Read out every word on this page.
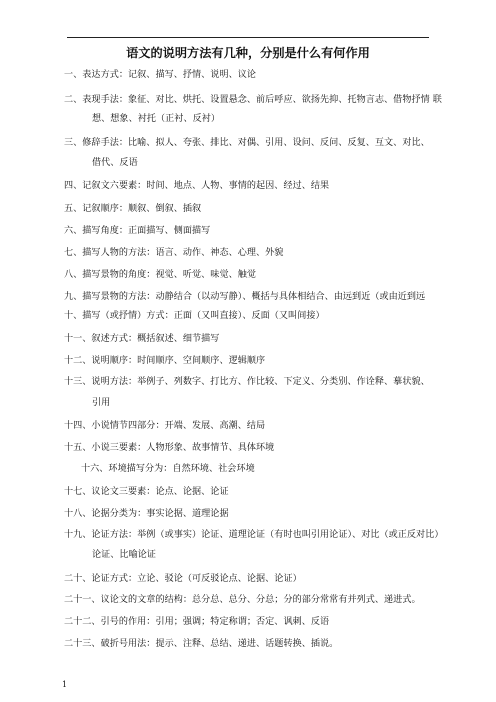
语文的说明方法有几种，分别是什么有何作用
一、表达方式：记叙、描写、抒情、说明、议论
二、表现手法：象征、对比、烘托、设置悬念、前后呼应、欲扬先抑、托物言志、借物抒情 联
想、想象、衬托（正衬、反衬）
三、修辞手法：比喻、拟人、夸张、排比、对偶、引用、设问、反问、反复、互文、对比、
借代、反语
四、记叙文六要素：时间、地点、人物、事情的起因、经过、结果
五、记叙顺序：顺叙、倒叙、插叙
六、描写角度：正面描写、侧面描写
七、描写人物的方法：语言、动作、神态、心理、外貌
八、描写景物的角度：视觉、听觉、味觉、触觉
九、描写景物的方法：动静结合（以动写静）、概括与具体相结合、由远到近（或由近到远
十、描写（或抒情）方式：正面（又叫直接）、反面（又叫间接）
十一、叙述方式：概括叙述、细节描写
十二、说明顺序：时间顺序、空间顺序、逻辑顺序
十三、说明方法：举例子、列数字、打比方、作比较、下定义、分类别、作诠释、摹状貌、
引用
十四、小说情节四部分：开端、发展、高潮、结局
十五、小说三要素：人物形象、故事情节、具体环境
十六、环境描写分为：自然环境、社会环境
十七、议论文三要素：论点、论据、论证
十八、论据分类为：事实论据、道理论据
十九、论证方法：举例（或事实）论证、道理论证（有时也叫引用论证）、对比（或正反对比）
论证、比喻论证
二十、论证方式：立论、驳论（可反驳论点、论据、论证）
二十一、议论文的文章的结构：总分总、总分、分总；分的部分常常有并列式、递进式。
二十二、引号的作用：引用；强调；特定称谓；否定、讽刺、反语
二十三、破折号用法：提示、注释、总结、递进、话题转换、插说。
1
